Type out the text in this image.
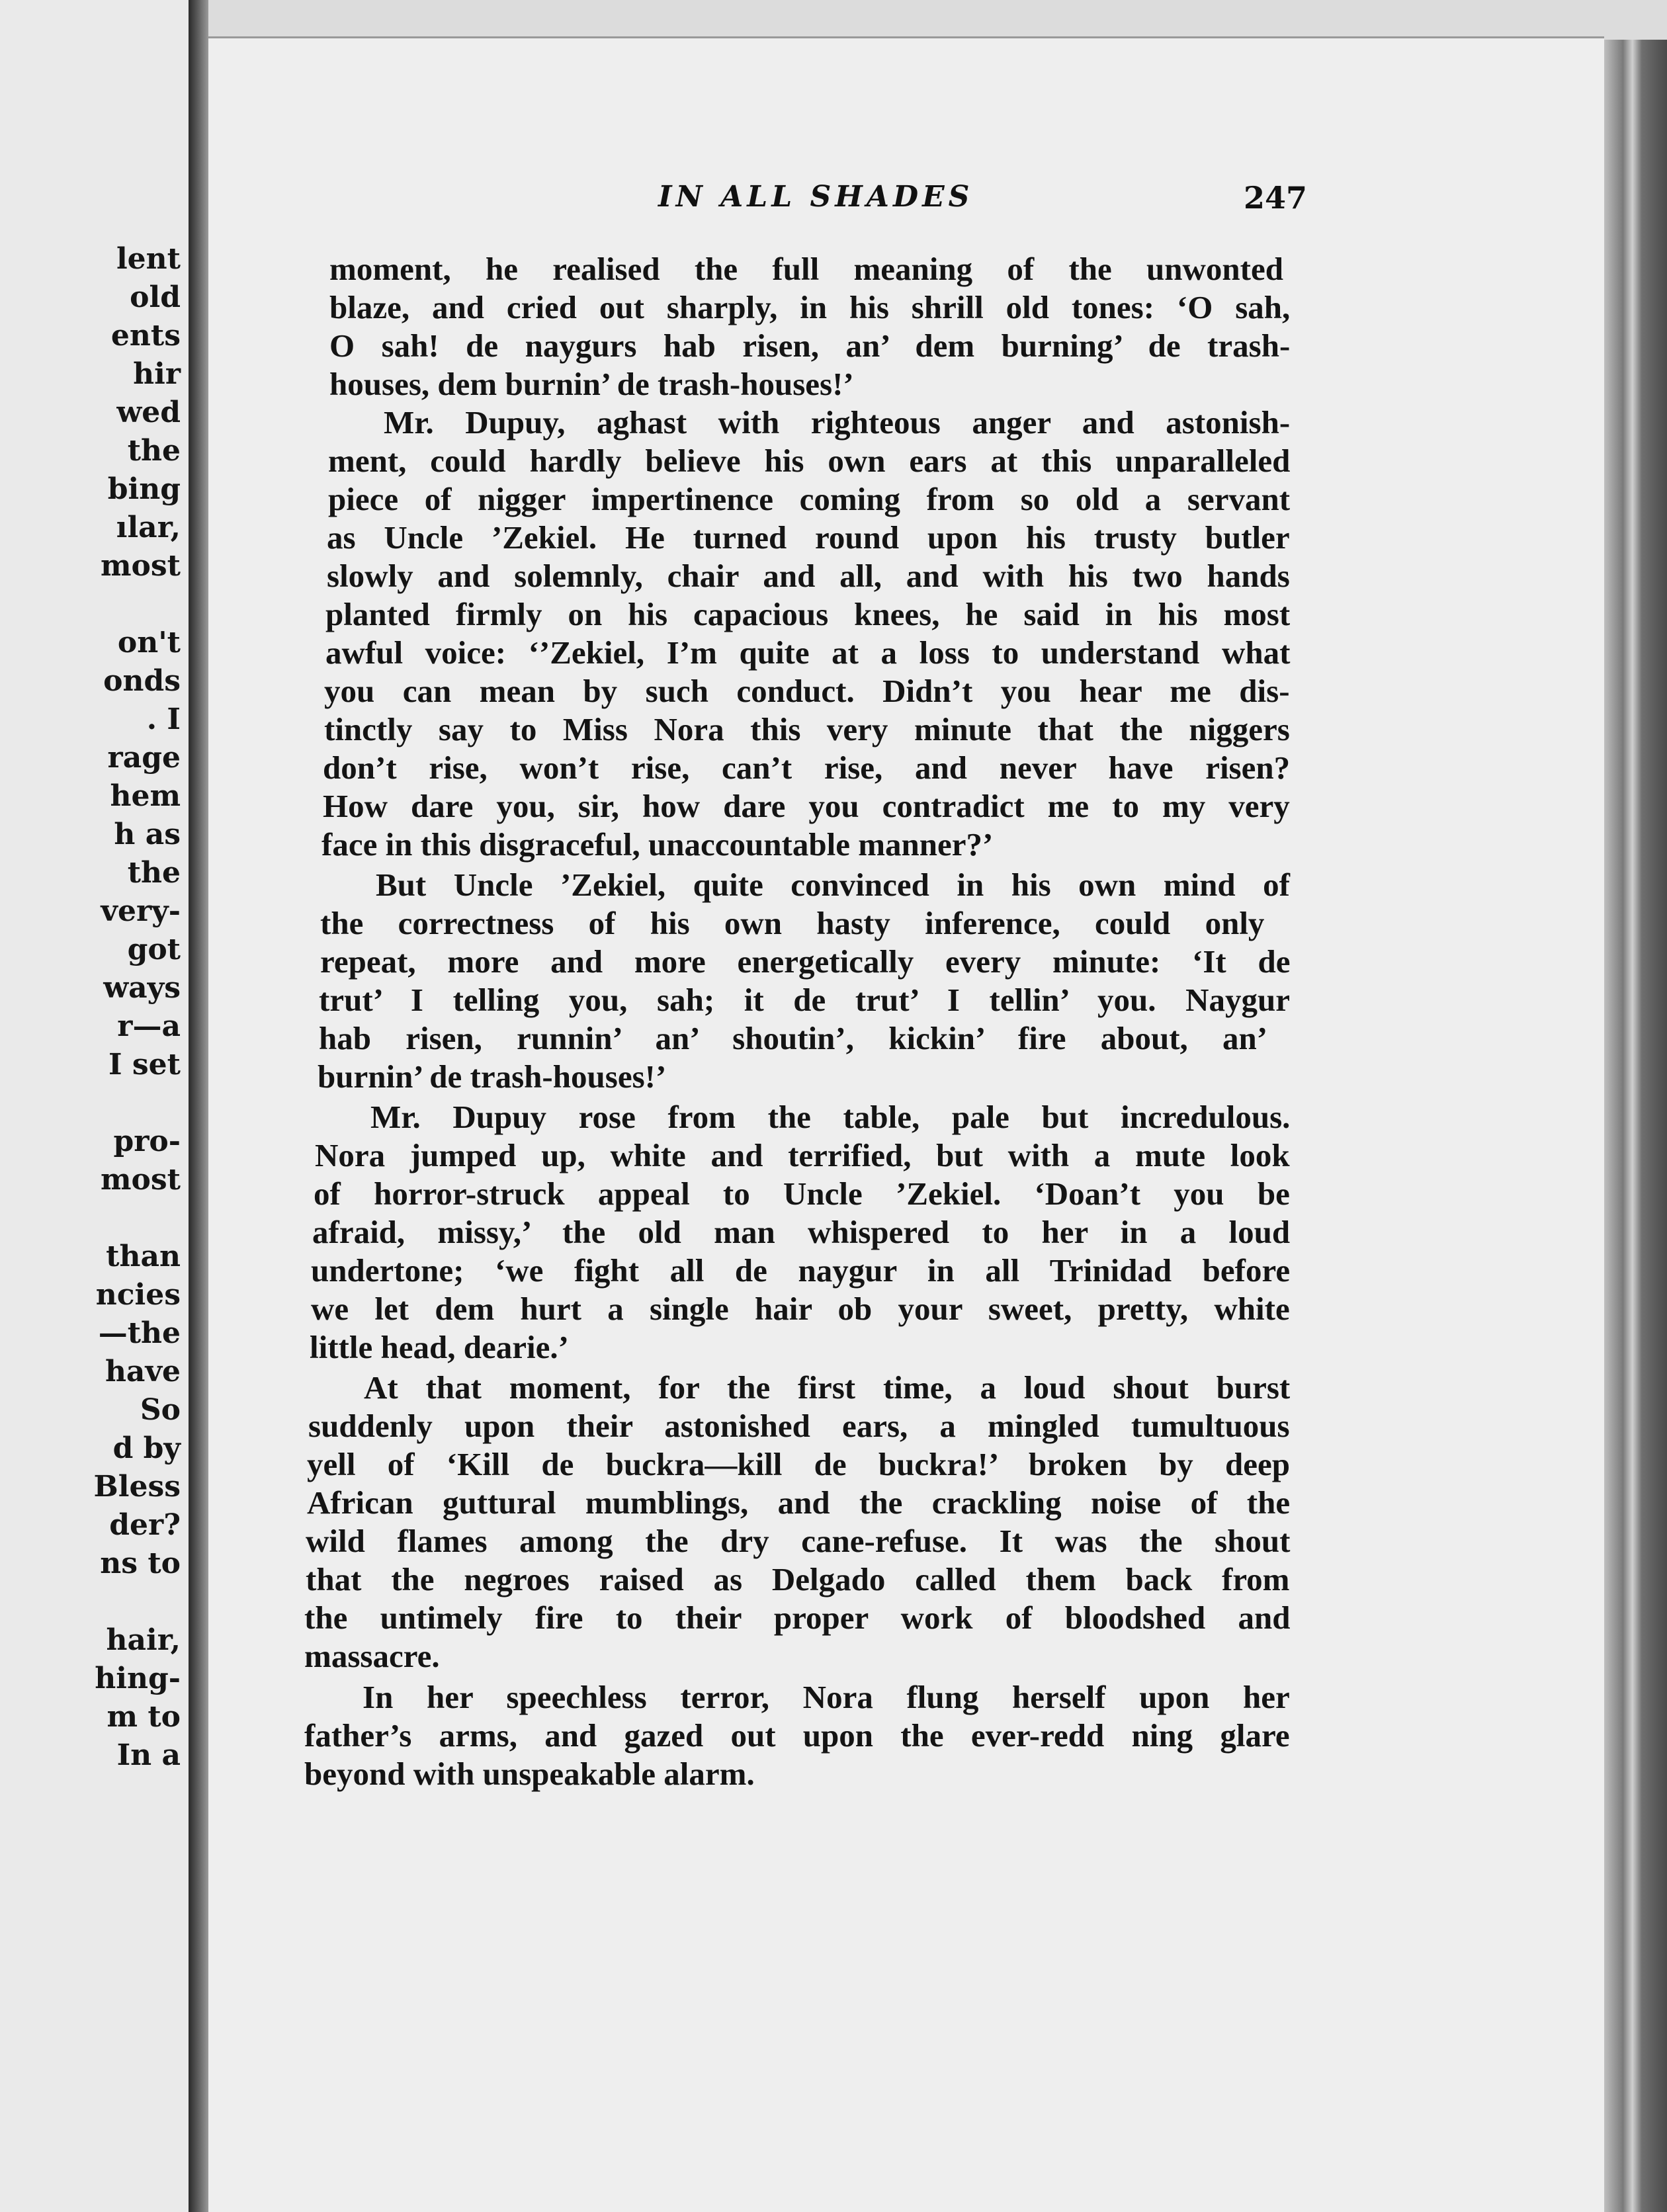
lent
old
ents
hir
wed
the
bing
ılar,
most
on't
onds
. I
rage
hem
h as
the
very-
got
ways
r—a
I set
pro-
most
than
ncies
—the
have
So
d by
Bless
der?
ns to
hair,
hing-
m to
In a
IN ALL SHADES	247
moment, he realised the full meaning of the unwonted
blaze, and cried out sharply, in his shrill old tones: ‘O sah,
O sah! de naygurs hab risen, an’ dem burning’ de trash-
houses, dem burnin’ de trash-houses!’
Mr. Dupuy, aghast with righteous anger and astonish-
ment, could hardly believe his own ears at this unparalleled
piece of nigger impertinence coming from so old a servant
as Uncle ’Zekiel. He turned round upon his trusty butler
slowly and solemnly, chair and all, and with his two hands
planted firmly on his capacious knees, he said in his most
awful voice: ‘’Zekiel, I’m quite at a loss to understand what
you can mean by such conduct. Didn’t you hear me dis-
tinctly say to Miss Nora this very minute that the niggers
don’t rise, won’t rise, can’t rise, and never have risen?
How dare you, sir, how dare you contradict me to my very
face in this disgraceful, unaccountable manner?’
But Uncle ’Zekiel, quite convinced in his own mind of
the correctness of his own hasty inference, could only
repeat, more and more energetically every minute: ‘It de
trut’ I telling you, sah; it de trut’ I tellin’ you. Naygur
hab risen, runnin’ an’ shoutin’, kickin’ fire about, an’
burnin’ de trash-houses!’
Mr. Dupuy rose from the table, pale but incredulous.
Nora jumped up, white and terrified, but with a mute look
of horror-struck appeal to Uncle ’Zekiel. ‘Doan’t you be
afraid, missy,’ the old man whispered to her in a loud
undertone; ‘we fight all de naygur in all Trinidad before
we let dem hurt a single hair ob your sweet, pretty, white
little head, dearie.’
At that moment, for the first time, a loud shout burst
suddenly upon their astonished ears, a mingled tumultuous
yell of ‘Kill de buckra—kill de buckra!’ broken by deep
African guttural mumblings, and the crackling noise of the
wild flames among the dry cane-refuse. It was the shout
that the negroes raised as Delgado called them back from
the untimely fire to their proper work of bloodshed and
massacre.
In her speechless terror, Nora flung herself upon her
father’s arms, and gazed out upon the ever-redd ning glare
beyond with unspeakable alarm.
